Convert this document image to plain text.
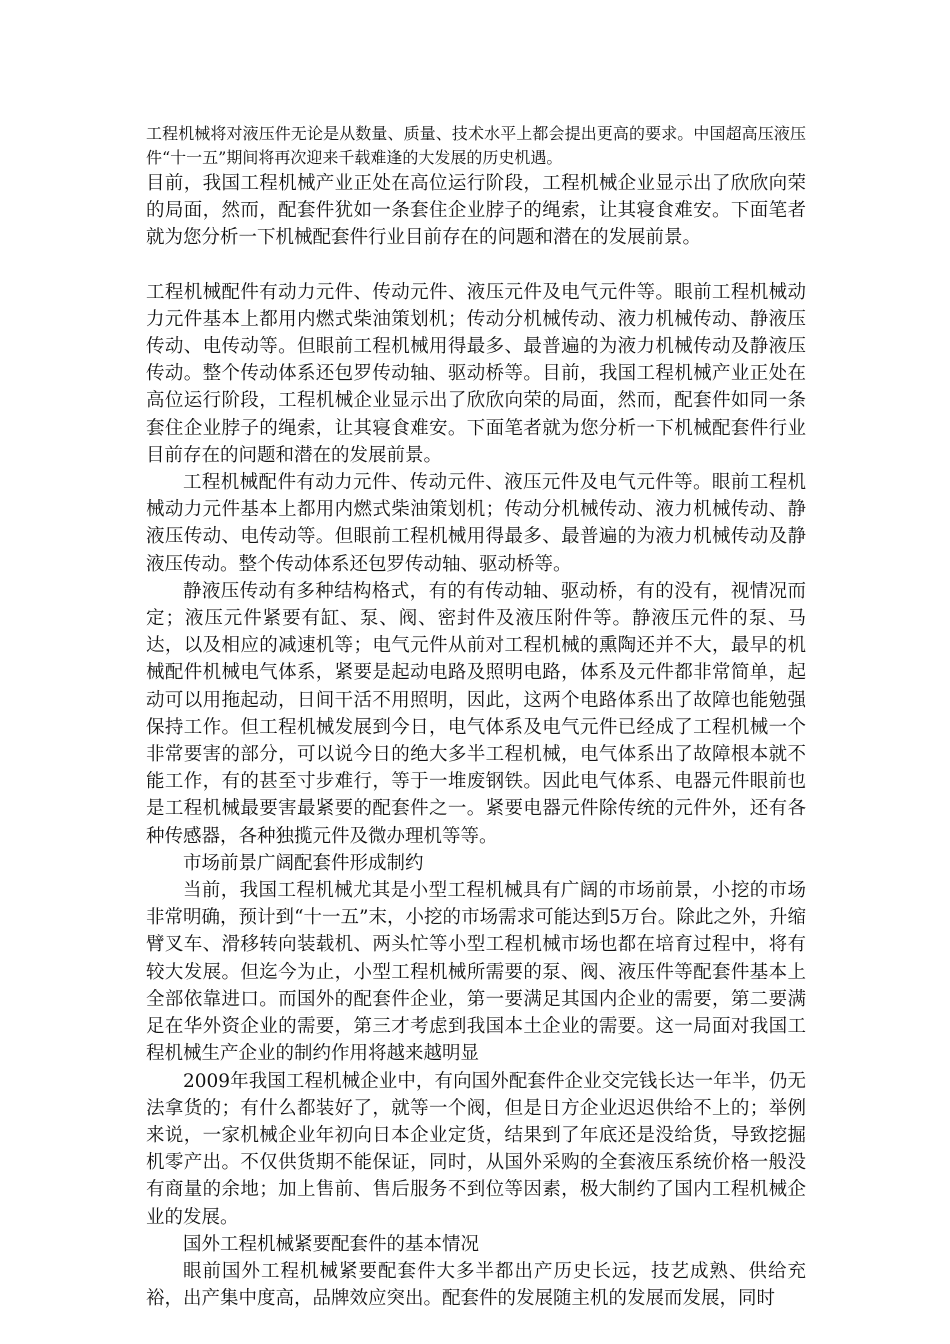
工程机械将对液压件无论是从数量、质量、技术水平上都会提出更高的要求。中国超高压液压件“十一五”期间将再次迎来千载难逢的大发展的历史机遇。

目前，我国工程机械产业正处在高位运行阶段，工程机械企业显示出了欣欣向荣的局面，然而，配套件犹如一条套住企业脖子的绳索，让其寝食难安。下面笔者就为您分析一下机械配套件行业目前存在的问题和潜在的发展前景。

工程机械配件有动力元件、传动元件、液压元件及电气元件等。眼前工程机械动力元件基本上都用内燃式柴油策划机；传动分机械传动、液力机械传动、静液压传动、电传动等。但眼前工程机械用得最多、最普遍的为液力机械传动及静液压传动。整个传动体系还包罗传动轴、驱动桥等。目前，我国工程机械产业正处在高位运行阶段，工程机械企业显示出了欣欣向荣的局面，然而，配套件如同一条套住企业脖子的绳索，让其寝食难安。下面笔者就为您分析一下机械配套件行业目前存在的问题和潜在的发展前景。

工程机械配件有动力元件、传动元件、液压元件及电气元件等。眼前工程机械动力元件基本上都用内燃式柴油策划机；传动分机械传动、液力机械传动、静液压传动、电传动等。但眼前工程机械用得最多、最普遍的为液力机械传动及静液压传动。整个传动体系还包罗传动轴、驱动桥等。

静液压传动有多种结构格式，有的有传动轴、驱动桥，有的没有，视情况而定；液压元件紧要有缸、泵、阀、密封件及液压附件等。静液压元件的泵、马达，以及相应的减速机等；电气元件从前对工程机械的熏陶还并不大，最早的机械配件机械电气体系，紧要是起动电路及照明电路，体系及元件都非常简单，起动可以用拖起动，日间干活不用照明，因此，这两个电路体系出了故障也能勉强保持工作。但工程机械发展到今日，电气体系及电气元件已经成了工程机械一个非常要害的部分，可以说今日的绝大多半工程机械，电气体系出了故障根本就不能工作，有的甚至寸步难行，等于一堆废钢铁。因此电气体系、电器元件眼前也是工程机械最要害最紧要的配套件之一。紧要电器元件除传统的元件外，还有各种传感器，各种独揽元件及微办理机等等。

市场前景广阔配套件形成制约

当前，我国工程机械尤其是小型工程机械具有广阔的市场前景，小挖的市场非常明确，预计到“十一五”末，小挖的市场需求可能达到5万台。除此之外，升缩臂叉车、滑移转向装载机、两头忙等小型工程机械市场也都在培育过程中，将有较大发展。但迄今为止，小型工程机械所需要的泵、阀、液压件等配套件基本上全部依靠进口。而国外的配套件企业，第一要满足其国内企业的需要，第二要满足在华外资企业的需要，第三才考虑到我国本土企业的需要。这一局面对我国工程机械生产企业的制约作用将越来越明显

2009年我国工程机械企业中，有向国外配套件企业交完钱长达一年半，仍无法拿货的；有什么都装好了，就等一个阀，但是日方企业迟迟供给不上的；举例来说，一家机械企业年初向日本企业定货，结果到了年底还是没给货，导致挖掘机零产出。不仅供货期不能保证，同时，从国外采购的全套液压系统价格一般没有商量的余地；加上售前、售后服务不到位等因素，极大制约了国内工程机械企业的发展。

国外工程机械紧要配套件的基本情况

眼前国外工程机械紧要配套件大多半都出产历史长远，技艺成熟、供给充裕，出产集中度高，品牌效应突出。配套件的发展随主机的发展而发展，同时
